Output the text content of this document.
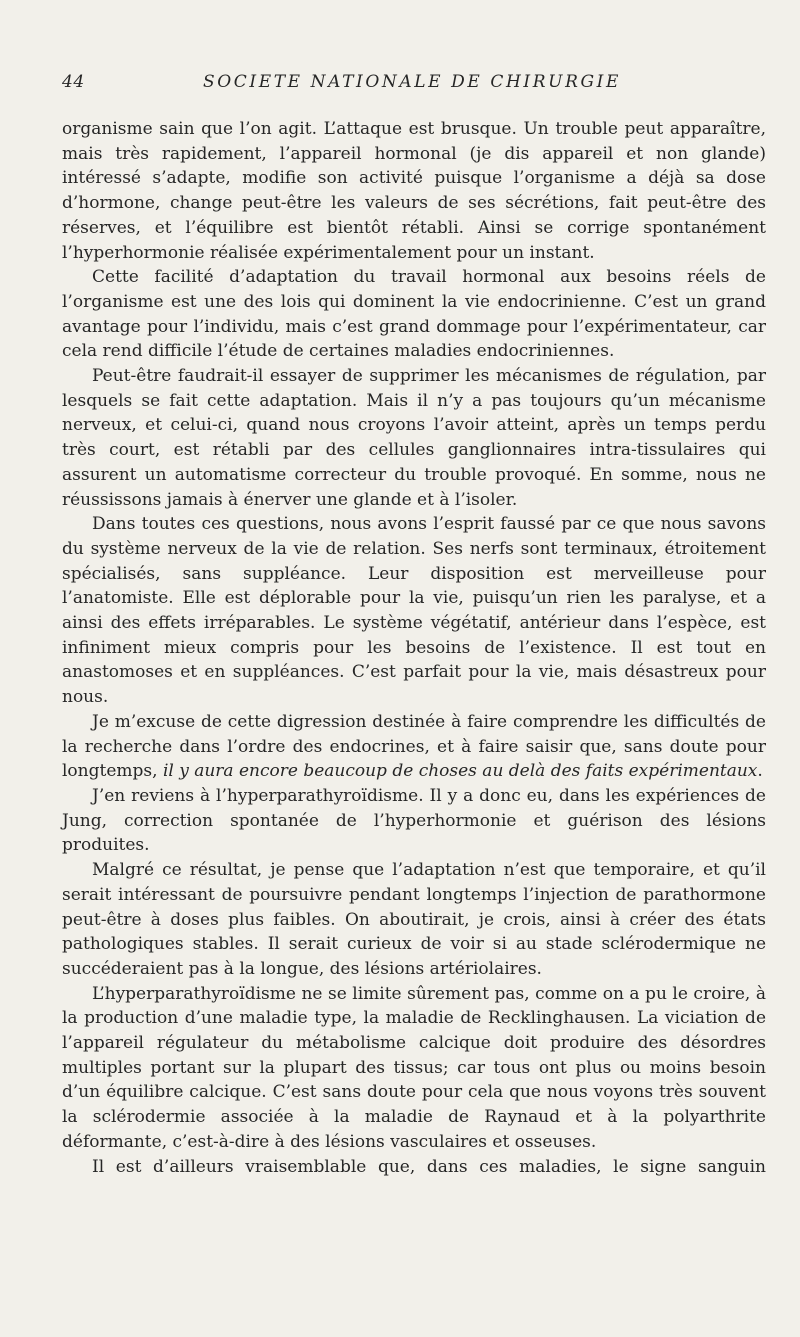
44	SOCIETE NATIONALE DE CHIRURGIE

organisme sain que l’on agit. L’attaque est brusque. Un trouble peut apparaître, mais très rapidement, l’appareil hormonal (je dis appareil et non glande) intéressé s’adapte, modifie son activité puisque l’organisme a déjà sa dose d’hormone, change peut-être les valeurs de ses sécrétions, fait peut-être des réserves, et l’équilibre est bientôt rétabli. Ainsi se corrige spontanément l’hyperhormonie réalisée expérimentalement pour un instant.

Cette facilité d’adaptation du travail hormonal aux besoins réels de l’organisme est une des lois qui dominent la vie endocrinienne. C’est un grand avantage pour l’individu, mais c’est grand dommage pour l’expérimentateur, car cela rend difficile l’étude de certaines maladies endocriniennes.

Peut-être faudrait-il essayer de supprimer les mécanismes de régulation, par lesquels se fait cette adaptation. Mais il n’y a pas toujours qu’un mécanisme nerveux, et celui-ci, quand nous croyons l’avoir atteint, après un temps perdu très court, est rétabli par des cellules ganglionnaires intra-tissulaires qui assurent un automatisme correcteur du trouble provoqué. En somme, nous ne réussissons jamais à énerver une glande et à l’isoler.

Dans toutes ces questions, nous avons l’esprit faussé par ce que nous savons du système nerveux de la vie de relation. Ses nerfs sont terminaux, étroitement spécialisés, sans suppléance. Leur disposition est merveilleuse pour l’anatomiste. Elle est déplorable pour la vie, puisqu’un rien les paralyse, et a ainsi des effets irréparables. Le système végétatif, antérieur dans l’espèce, est infiniment mieux compris pour les besoins de l’existence. Il est tout en anastomoses et en suppléances. C’est parfait pour la vie, mais désastreux pour nous.

Je m’excuse de cette digression destinée à faire comprendre les difficultés de la recherche dans l’ordre des endocrines, et à faire saisir que, sans doute pour longtemps, il y aura encore beaucoup de choses au delà des faits expérimentaux.

J’en reviens à l’hyperparathyroïdisme. Il y a donc eu, dans les expériences de Jung, correction spontanée de l’hyperhormonie et guérison des lésions produites.

Malgré ce résultat, je pense que l’adaptation n’est que temporaire, et qu’il serait intéressant de poursuivre pendant longtemps l’injection de parathormone peut-être à doses plus faibles. On aboutirait, je crois, ainsi à créer des états pathologiques stables. Il serait curieux de voir si au stade sclérodermique ne succéderaient pas à la longue, des lésions artériolaires.

L’hyperparathyroïdisme ne se limite sûrement pas, comme on a pu le croire, à la production d’une maladie type, la maladie de Recklinghausen. La viciation de l’appareil régulateur du métabolisme calcique doit produire des désordres multiples portant sur la plupart des tissus; car tous ont plus ou moins besoin d’un équilibre calcique. C’est sans doute pour cela que nous voyons très souvent la sclérodermie associée à la maladie de Raynaud et à la polyarthrite déformante, c’est-à-dire à des lésions vasculaires et osseuses.

Il est d’ailleurs vraisemblable que, dans ces maladies, le signe sanguin
